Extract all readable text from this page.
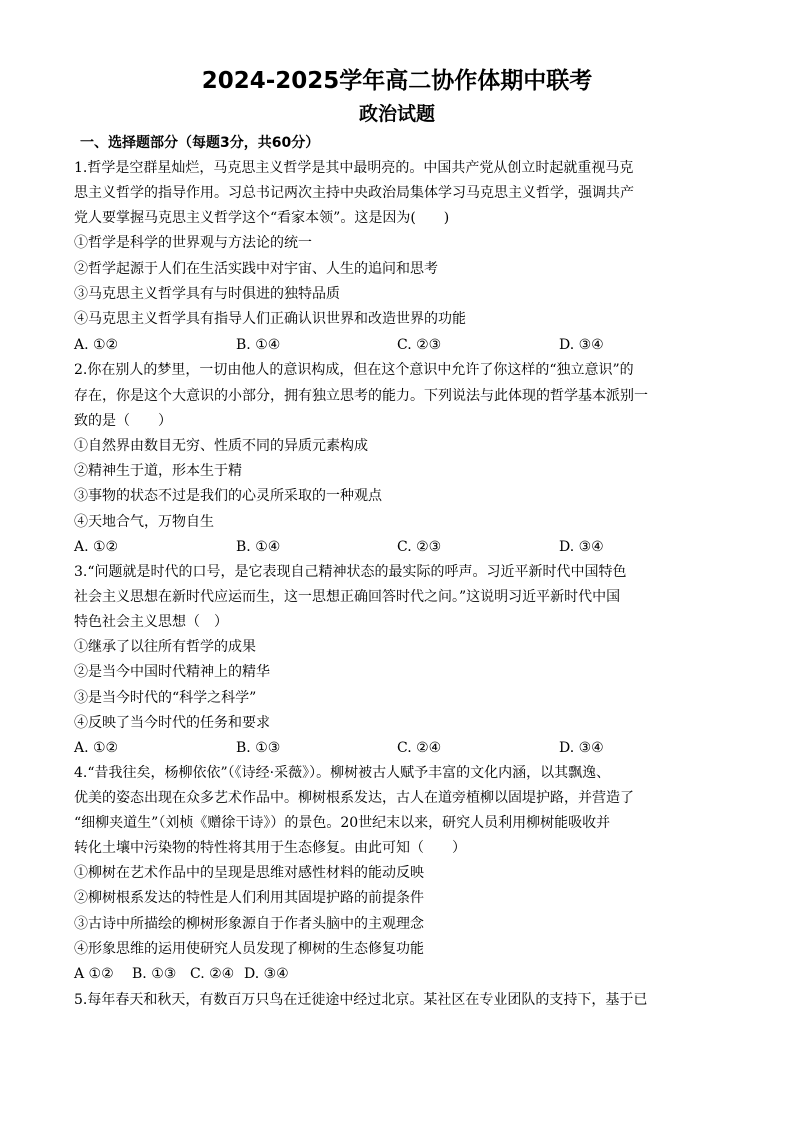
2024-2025学年高二协作体期中联考
政治试题
一、选择题部分（每题3分，共60分）
1.哲学是空群星灿烂，马克思主义哲学是其中最明亮的。中国共产党从创立时起就重视马克
思主义哲学的指导作用。习总书记两次主持中央政治局集体学习马克思主义哲学，强调共产
党人要掌握马克思主义哲学这个“看家本领”。这是因为(　　)
①哲学是科学的世界观与方法论的统一
②哲学起源于人们在生活实践中对宇宙、人生的追问和思考
③马克思主义哲学具有与时俱进的独特品质
④马克思主义哲学具有指导人们正确认识世界和改造世界的功能
A. ①②	B. ①④	C. ②③	D. ③④
2.你在别人的梦里，一切由他人的意识构成，但在这个意识中允许了你这样的“独立意识”的
存在，你是这个大意识的小部分，拥有独立思考的能力。下列说法与此体现的哲学基本派别一
致的是（　　）
①自然界由数目无穷、性质不同的异质元素构成
②精神生于道，形本生于精
③事物的状态不过是我们的心灵所采取的一种观点
④天地合气，万物自生
A. ①②	B. ①④	C. ②③	D. ③④
3.“问题就是时代的口号，是它表现自己精神状态的最实际的呼声。习近平新时代中国特色
社会主义思想在新时代应运而生，这一思想正确回答时代之问。”这说明习近平新时代中国
特色社会主义思想（　）
①继承了以往所有哲学的成果
②是当今中国时代精神上的精华
③是当今时代的“科学之科学”
④反映了当今时代的任务和要求
A. ①②	B. ①③	C. ②④	D. ③④
4.“昔我往矣，杨柳依依”（《诗经·采薇》）。柳树被古人赋予丰富的文化内涵，以其飘逸、
优美的姿态出现在众多艺术作品中。柳树根系发达，古人在道旁植柳以固堤护路，并营造了
“细柳夹道生”（刘桢《赠徐干诗》）的景色。20世纪末以来，研究人员利用柳树能吸收并
转化土壤中污染物的特性将其用于生态修复。由此可知（　　）
①柳树在艺术作品中的呈现是思维对感性材料的能动反映
②柳树根系发达的特性是人们利用其固堤护路的前提条件
③古诗中所描绘的柳树形象源自于作者头脑中的主观理念
④形象思维的运用使研究人员发现了柳树的生态修复功能
A ①② B. ①③ C. ②④ D. ③④
5.每年春天和秋天，有数百万只鸟在迁徙途中经过北京。某社区在专业团队的支持下，基于已
